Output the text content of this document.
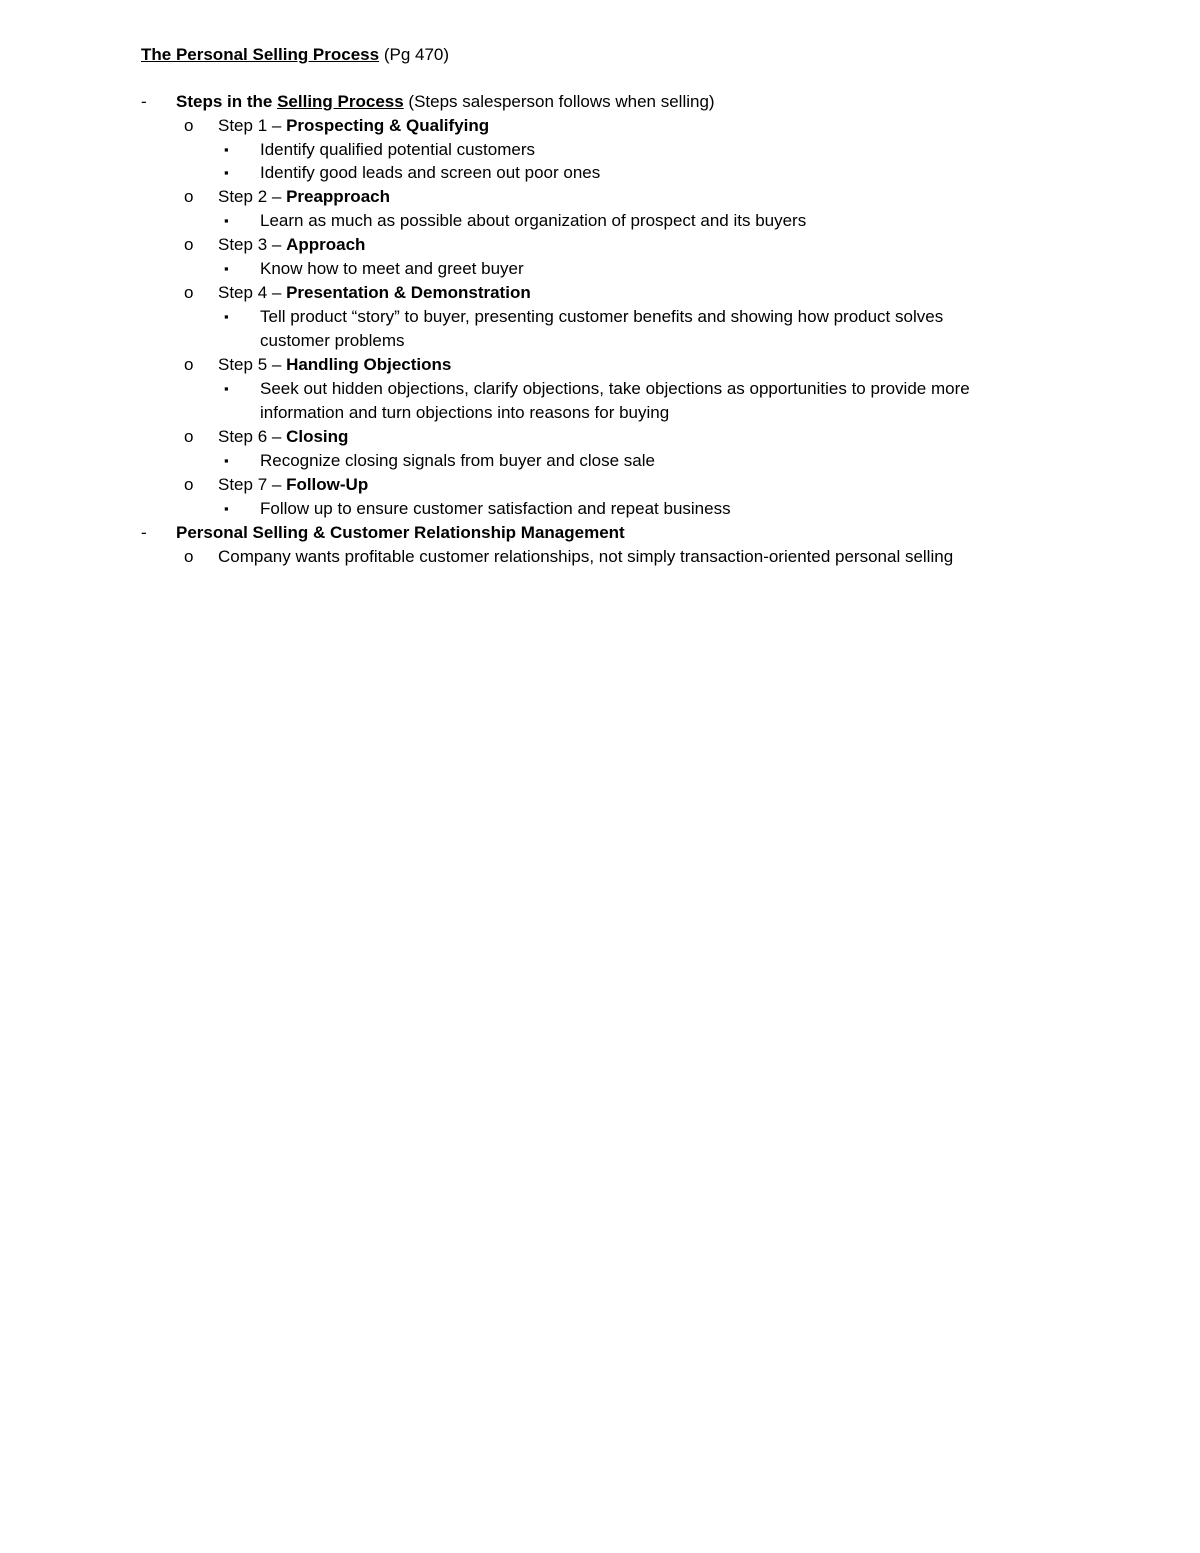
The Personal Selling Process (Pg 470)
-	Steps in the Selling Process (Steps salesperson follows when selling)
o	Step 1 – Prospecting & Qualifying
▪	Identify qualified potential customers
▪	Identify good leads and screen out poor ones
o	Step 2 – Preapproach
▪	Learn as much as possible about organization of prospect and its buyers
o	Step 3 – Approach
▪	Know how to meet and greet buyer
o	Step 4 – Presentation & Demonstration
▪	Tell product “story” to buyer, presenting customer benefits and showing how product solves
customer problems
o	Step 5 – Handling Objections
▪	Seek out hidden objections, clarify objections, take objections as opportunities to provide more
information and turn objections into reasons for buying
o	Step 6 – Closing
▪	Recognize closing signals from buyer and close sale
o	Step 7 – Follow-Up
▪	Follow up to ensure customer satisfaction and repeat business
-	Personal Selling & Customer Relationship Management
o	Company wants profitable customer relationships, not simply transaction-oriented personal selling
